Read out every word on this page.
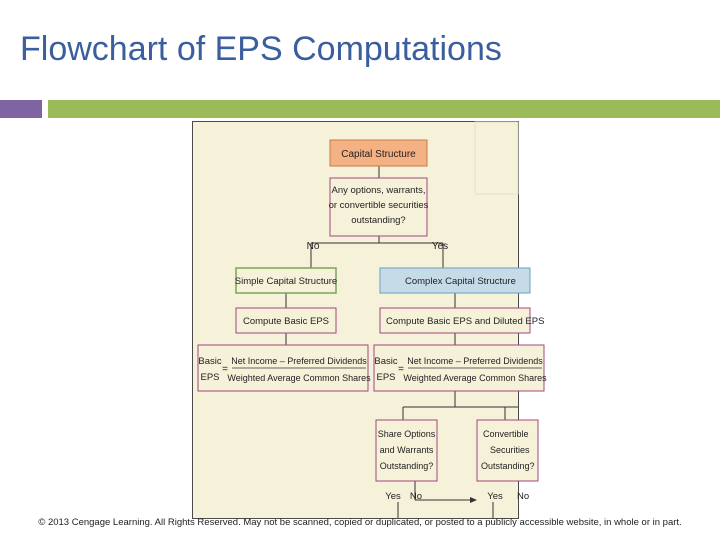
Flowchart of EPS Computations
Capital Structure
Any options, warrants,
or convertible securities
outstanding?
No	Yes
Simple Capital Structure	Complex Capital Structure
Compute Basic EPS	Compute Basic EPS and Diluted EPS
Basic
EPS
=
Net Income – Preferred Dividends
Weighted Average Common Shares
Basic
EPS
=
Net Income – Preferred Dividends
Weighted Average Common Shares
Share Options
and Warrants
Outstanding?
Convertible
Securities
Outstanding?
Yes No	Yes No
© 2013 Cengage Learning. All Rights Reserved. May not be scanned, copied or duplicated, or posted to a publicly accessible website, in whole or in part.
